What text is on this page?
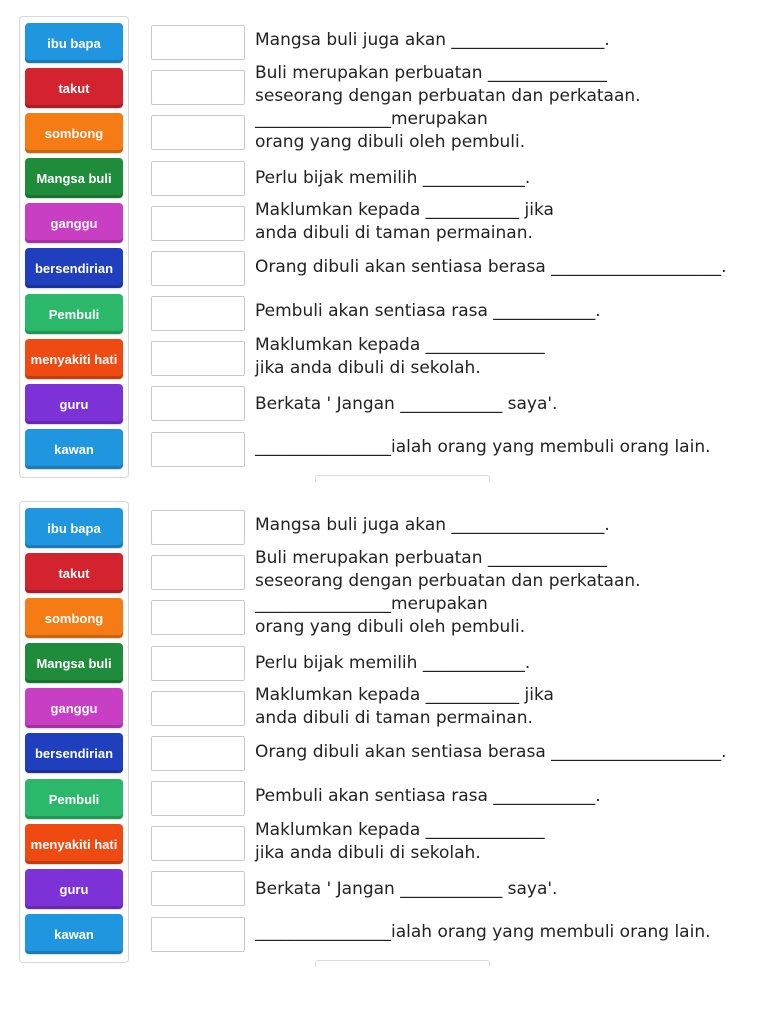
ibu bapa
takut
sombong
Mangsa buli
ganggu
bersendirian
Pembuli
menyakiti hati
guru
kawan
Mangsa buli juga akan __________________.
Buli merupakan perbuatan ______________
seseorang dengan perbuatan dan perkataan.
________________merupakan
orang yang dibuli oleh pembuli.
Perlu bijak memilih ____________.
Maklumkan kepada ___________ jika
anda dibuli di taman permainan.
Orang dibuli akan sentiasa berasa ____________________.
Pembuli akan sentiasa rasa ____________.
Maklumkan kepada ______________
jika anda dibuli di sekolah.
Berkata ' Jangan ____________ saya'.
________________ialah orang yang membuli orang lain.
ibu bapa
takut
sombong
Mangsa buli
ganggu
bersendirian
Pembuli
menyakiti hati
guru
kawan
Mangsa buli juga akan __________________.
Buli merupakan perbuatan ______________
seseorang dengan perbuatan dan perkataan.
________________merupakan
orang yang dibuli oleh pembuli.
Perlu bijak memilih ____________.
Maklumkan kepada ___________ jika
anda dibuli di taman permainan.
Orang dibuli akan sentiasa berasa ____________________.
Pembuli akan sentiasa rasa ____________.
Maklumkan kepada ______________
jika anda dibuli di sekolah.
Berkata ' Jangan ____________ saya'.
________________ialah orang yang membuli orang lain.
